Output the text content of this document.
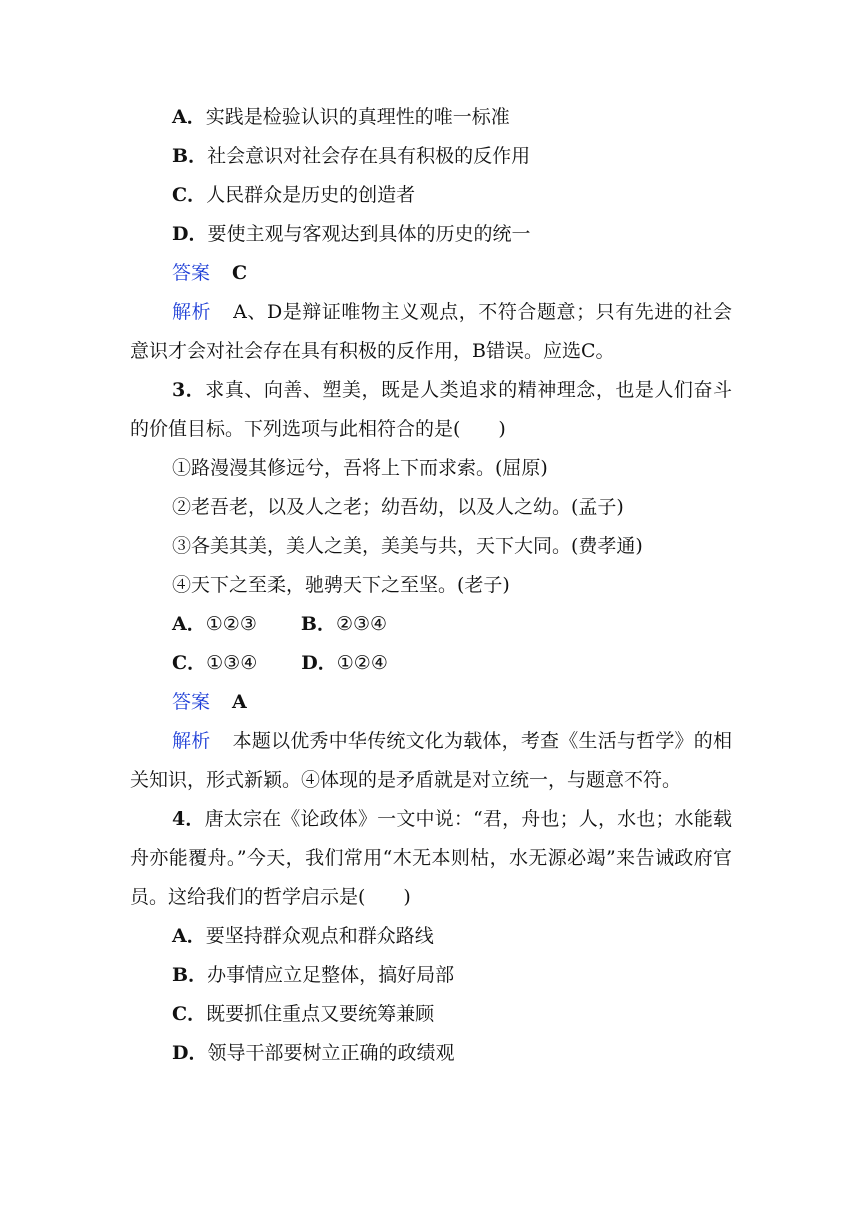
A．实践是检验认识的真理性的唯一标准
B．社会意识对社会存在具有积极的反作用
C．人民群众是历史的创造者
D．要使主观与客观达到具体的历史的统一
答案 C
解析 A、D是辩证唯物主义观点，不符合题意；只有先进的社会意识才会对社会存在具有积极的反作用，B错误。应选C。
3．求真、向善、塑美，既是人类追求的精神理念，也是人们奋斗的价值目标。下列选项与此相符合的是(　　)
①路漫漫其修远兮，吾将上下而求索。(屈原)
②老吾老，以及人之老；幼吾幼，以及人之幼。(孟子)
③各美其美，美人之美，美美与共，天下大同。(费孝通)
④天下之至柔，驰骋天下之至坚。(老子)
A．①②③ B．②③④
C．①③④ D．①②④
答案 A
解析 本题以优秀中华传统文化为载体，考查《生活与哲学》的相关知识，形式新颖。④体现的是矛盾就是对立统一，与题意不符。
4．唐太宗在《论政体》一文中说：“君，舟也；人，水也；水能载舟亦能覆舟。”今天，我们常用“木无本则枯，水无源必竭”来告诫政府官员。这给我们的哲学启示是(　　)
A．要坚持群众观点和群众路线
B．办事情应立足整体，搞好局部
C．既要抓住重点又要统筹兼顾
D．领导干部要树立正确的政绩观
